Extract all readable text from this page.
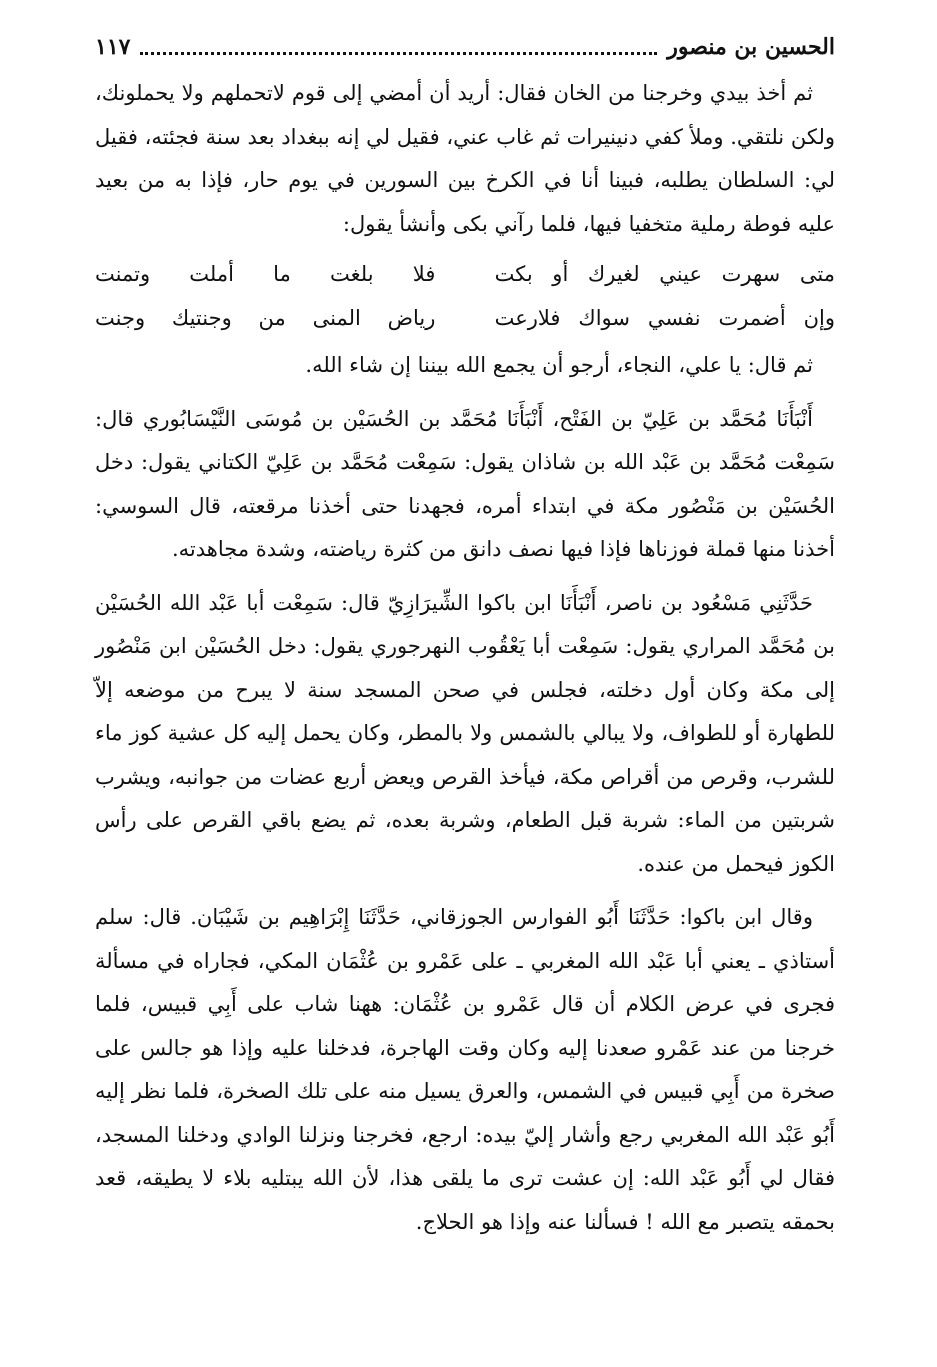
الحسين بن منصور
١١٧

ثم أخذ بيدي وخرجنا من الخان فقال: أريد أن أمضي إلى قوم لاتحملهم ولا يحملونك، ولكن نلتقي. وملأ كفي دنينيرات ثم غاب عني، فقيل لي إنه ببغداد بعد سنة فجئته، فقيل لي: السلطان يطلبه، فبينا أنا في الكرخ بين السورين في يوم حار، فإذا به من بعيد عليه فوطة رملية متخفيا فيها، فلما رآني بكى وأنشأ يقول:

متى سهرت عيني لغيرك أو بكت
فلا بلغت ما أملت وتمنت
وإن أضمرت نفسي سواك فلارعت
رياض المنى من وجنتيك وجنت

ثم قال: يا علي، النجاء، أرجو أن يجمع الله بيننا إن شاء الله.

أَنْبَأَنَا مُحَمَّد بن عَلِيّ بن الفَتْح، أَنْبَأَنَا مُحَمَّد بن الحُسَيْن بن مُوسَى النَّيْسَابُوري قال: سَمِعْت مُحَمَّد بن عَبْد الله بن شاذان يقول: سَمِعْت مُحَمَّد بن عَلِيّ الكتاني يقول: دخل الحُسَيْن بن مَنْصُور مكة في ابتداء أمره، فجهدنا حتى أخذنا مرقعته، قال السوسي: أخذنا منها قملة فوزناها فإذا فيها نصف دانق من كثرة رياضته، وشدة مجاهدته.

حَدَّثَنِي مَسْعُود بن ناصر، أَنْبَأَنَا ابن باكوا الشِّيرَازِيّ قال: سَمِعْت أبا عَبْد الله الحُسَيْن بن مُحَمَّد المراري يقول: سَمِعْت أبا يَعْقُوب النهرجوري يقول: دخل الحُسَيْن ابن مَنْصُور إلى مكة وكان أول دخلته، فجلس في صحن المسجد سنة لا يبرح من موضعه إلاّ للطهارة أو للطواف، ولا يبالي بالشمس ولا بالمطر، وكان يحمل إليه كل عشية كوز ماء للشرب، وقرص من أقراص مكة، فيأخذ القرص ويعض أربع عضات من جوانبه، ويشرب شربتين من الماء: شربة قبل الطعام، وشربة بعده، ثم يضع باقي القرص على رأس الكوز فيحمل من عنده.

وقال ابن باكوا: حَدَّثَنَا أَبُو الفوارس الجوزقاني، حَدَّثَنَا إِبْرَاهِيم بن شَيْبَان. قال: سلم أستاذي ـ يعني أبا عَبْد الله المغربي ـ على عَمْرو بن عُثْمَان المكي، فجاراه في مسألة فجرى في عرض الكلام أن قال عَمْرو بن عُثْمَان: ههنا شاب على أَبِي قبيس، فلما خرجنا من عند عَمْرو صعدنا إليه وكان وقت الهاجرة، فدخلنا عليه وإذا هو جالس على صخرة من أَبِي قبيس في الشمس، والعرق يسيل منه على تلك الصخرة، فلما نظر إليه أَبُو عَبْد الله المغربي رجع وأشار إليّ بيده: ارجع، فخرجنا ونزلنا الوادي ودخلنا المسجد، فقال لي أَبُو عَبْد الله: إن عشت ترى ما يلقى هذا، لأن الله يبتليه بلاء لا يطيقه، قعد بحمقه يتصبر مع الله ! فسألنا عنه وإذا هو الحلاج.
